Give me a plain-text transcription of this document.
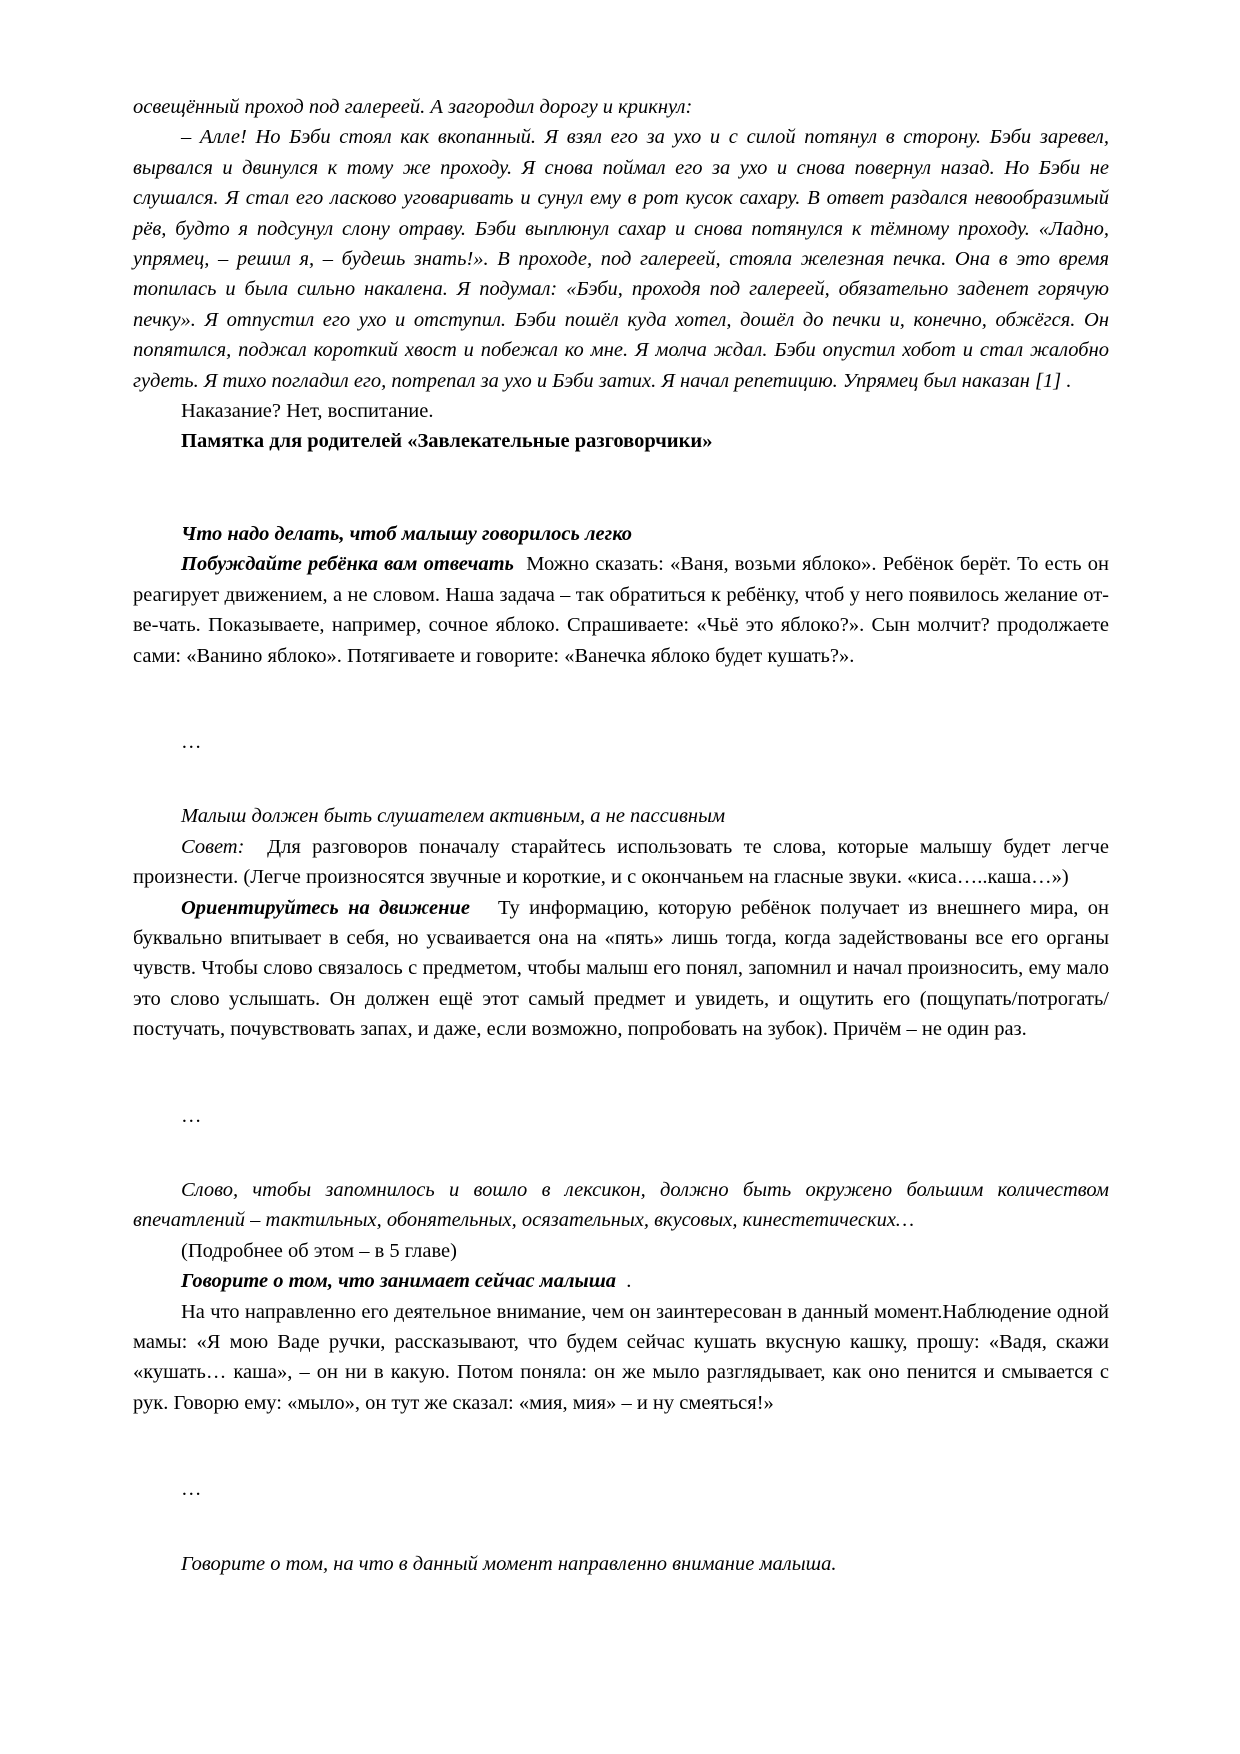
освещённый проход под галереей. А загородил дорогу и крикнул:

– Алле! Но Бэби стоял как вкопанный. Я взял его за ухо и с силой потянул в сторону. Бэби заревел, вырвался и двинулся к тому же проходу. Я снова поймал его за ухо и снова повернул назад. Но Бэби не слушался. Я стал его ласково уговаривать и сунул ему в рот кусок сахару. В ответ раздался невообразимый рёв, будто я подсунул слону отраву. Бэби выплюнул сахар и снова потянулся к тёмному проходу. «Ладно, упрямец, – решил я, – будешь знать!». В проходе, под галереей, стояла железная печка. Она в это время топилась и была сильно накалена. Я подумал: «Бэби, проходя под галереей, обязательно заденет горячую печку». Я отпустил его ухо и отступил. Бэби пошёл куда хотел, дошёл до печки и, конечно, обжёгся. Он попятился, поджал короткий хвост и побежал ко мне. Я молча ждал. Бэби опустил хобот и стал жалобно гудеть. Я тихо погладил его, потрепал за ухо и Бэби затих. Я начал репетицию. Упрямец был наказан [1] .

Наказание? Нет, воспитание.

Памятка для родителей «Завлекательные разговорчики»

Что надо делать, чтоб малышу говорилось легко

Побуждайте ребёнка вам отвечать Можно сказать: «Ваня, возьми яблоко». Ребёнок берёт. То есть он реагирует движением, а не словом. Наша задача – так обратиться к ребёнку, чтоб у него появилось желание от-ве-чать. Показываете, например, сочное яблоко. Спрашиваете: «Чьё это яблоко?». Сын молчит? продолжаете сами: «Ванино яблоко». Потягиваете и говорите: «Ванечка яблоко будет кушать?».

…

Малыш должен быть слушателем активным, а не пассивным

Совет: Для разговоров поначалу старайтесь использовать те слова, которые малышу будет легче произнести. (Легче произносятся звучные и короткие, и с окончаньем на гласные звуки. «киса…..каша…»)

Ориентируйтесь на движение Ту информацию, которую ребёнок получает из внешнего мира, он буквально впитывает в себя, но усваивается она на «пять» лишь тогда, когда задействованы все его органы чувств. Чтобы слово связалось с предметом, чтобы малыш его понял, запомнил и начал произносить, ему мало это слово услышать. Он должен ещё этот самый предмет и увидеть, и ощутить его (пощупать/потрогать/постучать, почувствовать запах, и даже, если возможно, попробовать на зубок). Причём – не один раз.

…

Слово, чтобы запомнилось и вошло в лексикон, должно быть окружено большим количеством впечатлений – тактильных, обонятельных, осязательных, вкусовых, кинестетических…

(Подробнее об этом – в 5 главе)

Говорите о том, что занимает сейчас малыша .

На что направленно его деятельное внимание, чем он заинтересован в данный момент.Наблюдение одной мамы: «Я мою Ваде ручки, рассказывают, что будем сейчас кушать вкусную кашку, прошу: «Вадя, скажи «кушать… каша», – он ни в какую. Потом поняла: он же мыло разглядывает, как оно пенится и смывается с рук. Говорю ему: «мыло», он тут же сказал: «мия, мия» – и ну смеяться!»

…

Говорите о том, на что в данный момент направленно внимание малыша.
